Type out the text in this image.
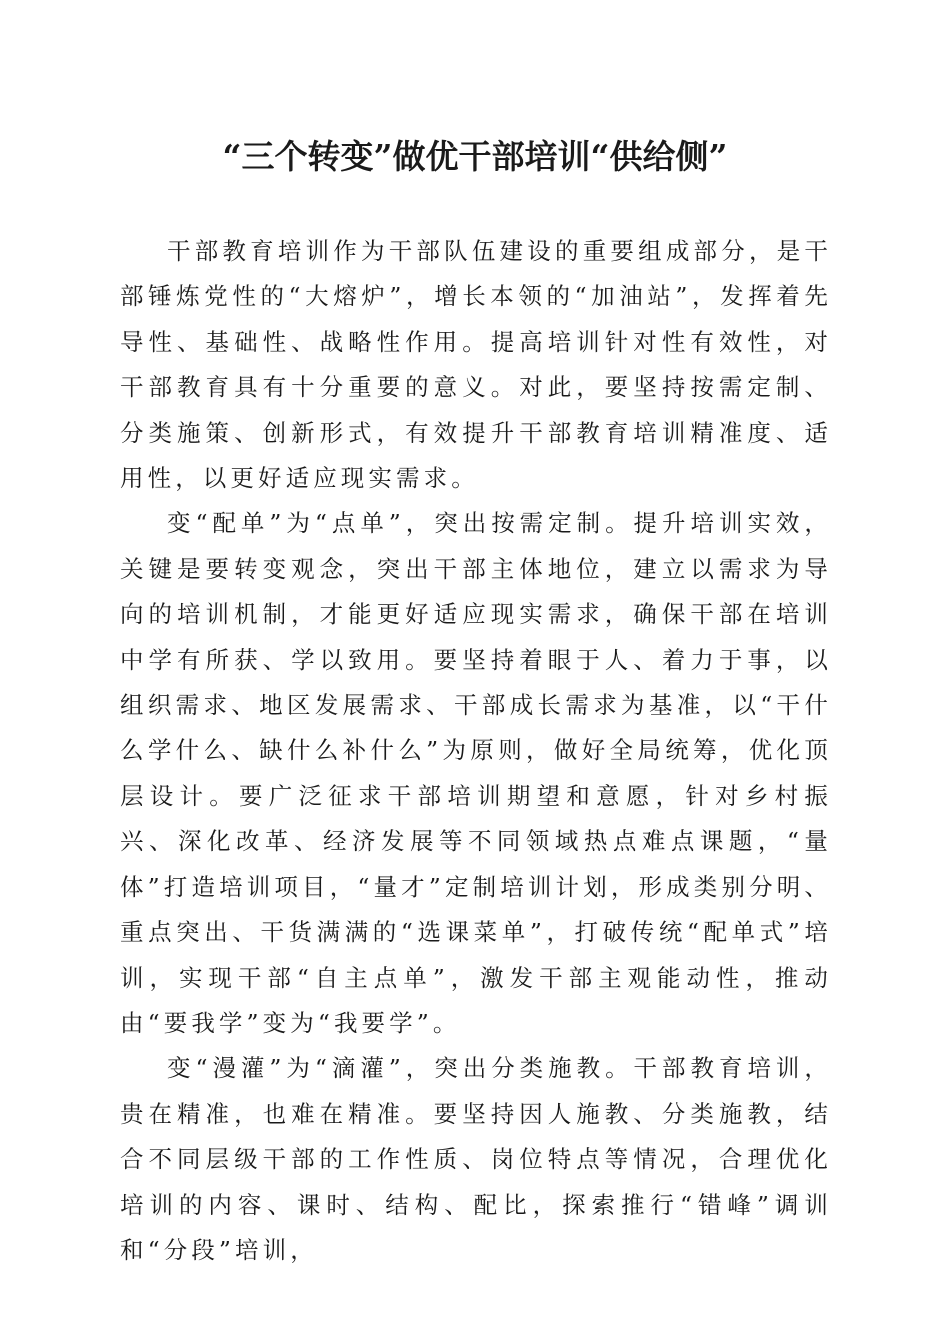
“三个转变”做优干部培训“供给侧”

干部教育培训作为干部队伍建设的重要组成部分，是干部锤炼党性的“大熔炉”，增长本领的“加油站”，发挥着先导性、基础性、战略性作用。提高培训针对性有效性，对干部教育具有十分重要的意义。对此，要坚持按需定制、分类施策、创新形式，有效提升干部教育培训精准度、适用性，以更好适应现实需求。

变“配单”为“点单”，突出按需定制。提升培训实效，关键是要转变观念，突出干部主体地位，建立以需求为导向的培训机制，才能更好适应现实需求，确保干部在培训中学有所获、学以致用。要坚持着眼于人、着力于事，以组织需求、地区发展需求、干部成长需求为基准，以“干什么学什么、缺什么补什么”为原则，做好全局统筹，优化顶层设计。要广泛征求干部培训期望和意愿，针对乡村振兴、深化改革、经济发展等不同领域热点难点课题，“量体”打造培训项目，“量才”定制培训计划，形成类别分明、重点突出、干货满满的“选课菜单”，打破传统“配单式”培训，实现干部“自主点单”，激发干部主观能动性，推动由“要我学”变为“我要学”。

变“漫灌”为“滴灌”，突出分类施教。干部教育培训，贵在精准，也难在精准。要坚持因人施教、分类施教，结合不同层级干部的工作性质、岗位特点等情况，合理优化培训的内容、课时、结构、配比，探索推行“错峰”调训和“分段”培训，
